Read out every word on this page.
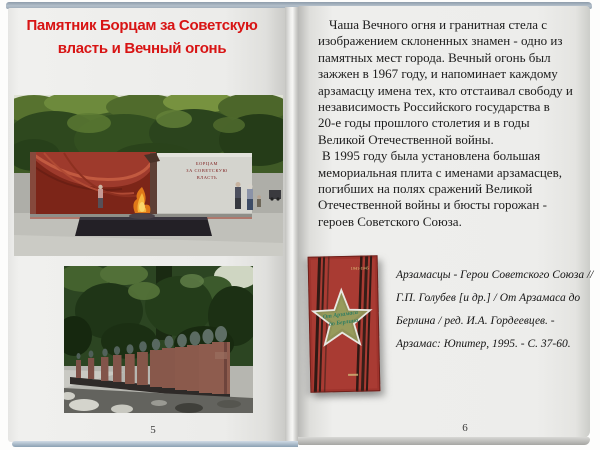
Памятник Борцам за Советскую власть и Вечный огонь
БОРЦАМ
ЗА СОВЕТСКУЮ
ВЛАСТЬ
5
Чаша Вечного огня и гранитная стела с
изображением склоненных знамен - одно из
памятных мест города. Вечный огонь был
зажжен в 1967 году, и напоминает каждому
арзамасцу имена тех, кто отстаивал свободу и
независимость Российского государства в
20-е годы прошлого столетия и в годы
Великой Отечественной войны.
В 1995 году была установлена большая
мемориальная плита с именами арзамасцев,
погибших на полях сражений Великой
Отечественной войны и бюсты горожан -
героев Советского Союза.
1941-1945
От Арзамаса
до Берлина
Арзамасцы - Герои Советского Союза //
Г.П. Голубев [и др.] / От Арзамаса до
Берлина / ред. И.А. Гордеевцев. -
Арзамас: Юпитер, 1995. - С. 37-60.
6
